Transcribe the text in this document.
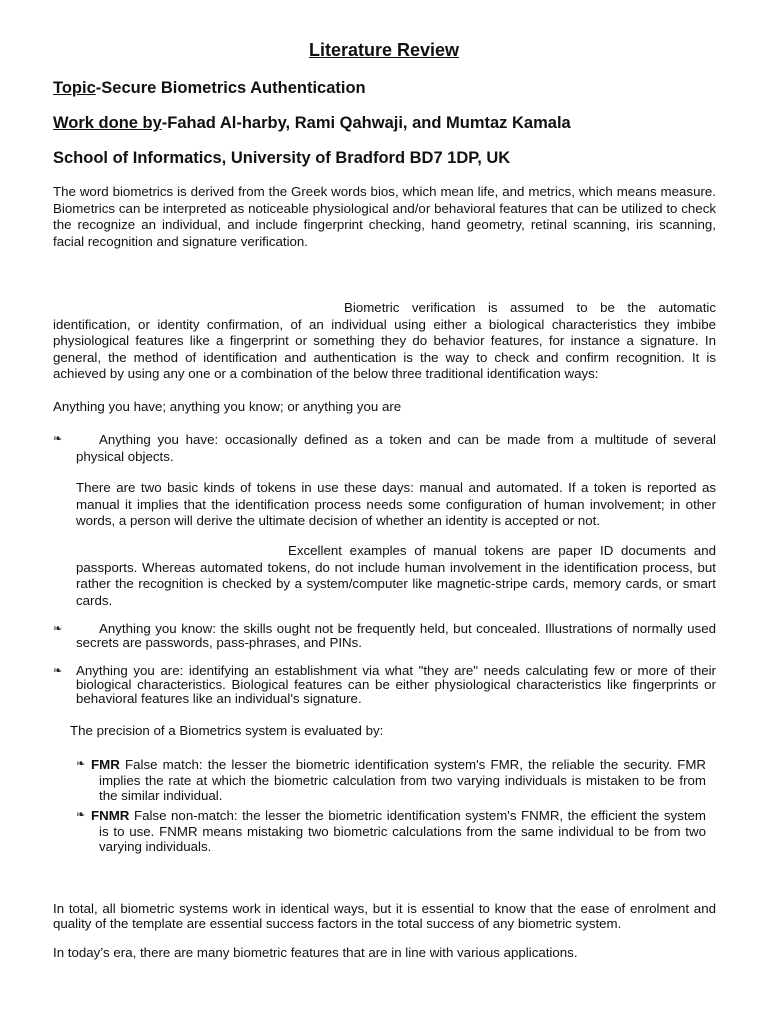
Literature Review
Topic-Secure Biometrics Authentication
Work done by-Fahad Al-harby, Rami Qahwaji, and Mumtaz Kamala
School of Informatics, University of Bradford BD7 1DP, UK

The word biometrics is derived from the Greek words bios, which mean life, and metrics, which means measure. Biometrics can be interpreted as noticeable physiological and/or behavioral features that can be utilized to check the recognize an individual, and include fingerprint checking, hand geometry, retinal scanning, iris scanning, facial recognition and signature verification.

Biometric verification is assumed to be the automatic identification, or identity confirmation, of an individual using either a biological characteristics they imbibe physiological features like a fingerprint or something they do behavior features, for instance a signature. In general, the method of identification and authentication is the way to check and confirm recognition. It is achieved by using any one or a combination of the below three traditional identification ways:

Anything you have; anything you know; or anything you are

❧	Anything you have: occasionally defined as a token and can be made from a multitude of several physical objects.

There are two basic kinds of tokens in use these days: manual and automated. If a token is reported as manual it implies that the identification process needs some configuration of human involvement; in other words, a person will derive the ultimate decision of whether an identity is accepted or not.

Excellent examples of manual tokens are paper ID documents and passports. Whereas automated tokens, do not include human involvement in the identification process, but rather the recognition is checked by a system/computer like magnetic-stripe cards, memory cards, or smart cards.

❧	Anything you know: the skills ought not be frequently held, but concealed. Illustrations of normally used secrets are passwords, pass-phrases, and PINs.

❧ Anything you are: identifying an establishment via what "they are" needs calculating few or more of their biological characteristics. Biological features can be either physiological characteristics like fingerprints or behavioral features like an individual's signature.

The precision of a Biometrics system is evaluated by:

❧ FMR False match: the lesser the biometric identification system's FMR, the reliable the security. FMR implies the rate at which the biometric calculation from two varying individuals is mistaken to be from the similar individual.

❧ FNMR False non-match: the lesser the biometric identification system's FNMR, the efficient the system is to use. FNMR means mistaking two biometric calculations from the same individual to be from two varying individuals.

In total, all biometric systems work in identical ways, but it is essential to know that the ease of enrolment and quality of the template are essential success factors in the total success of any biometric system.

In today’s era, there are many biometric features that are in line with various applications.
